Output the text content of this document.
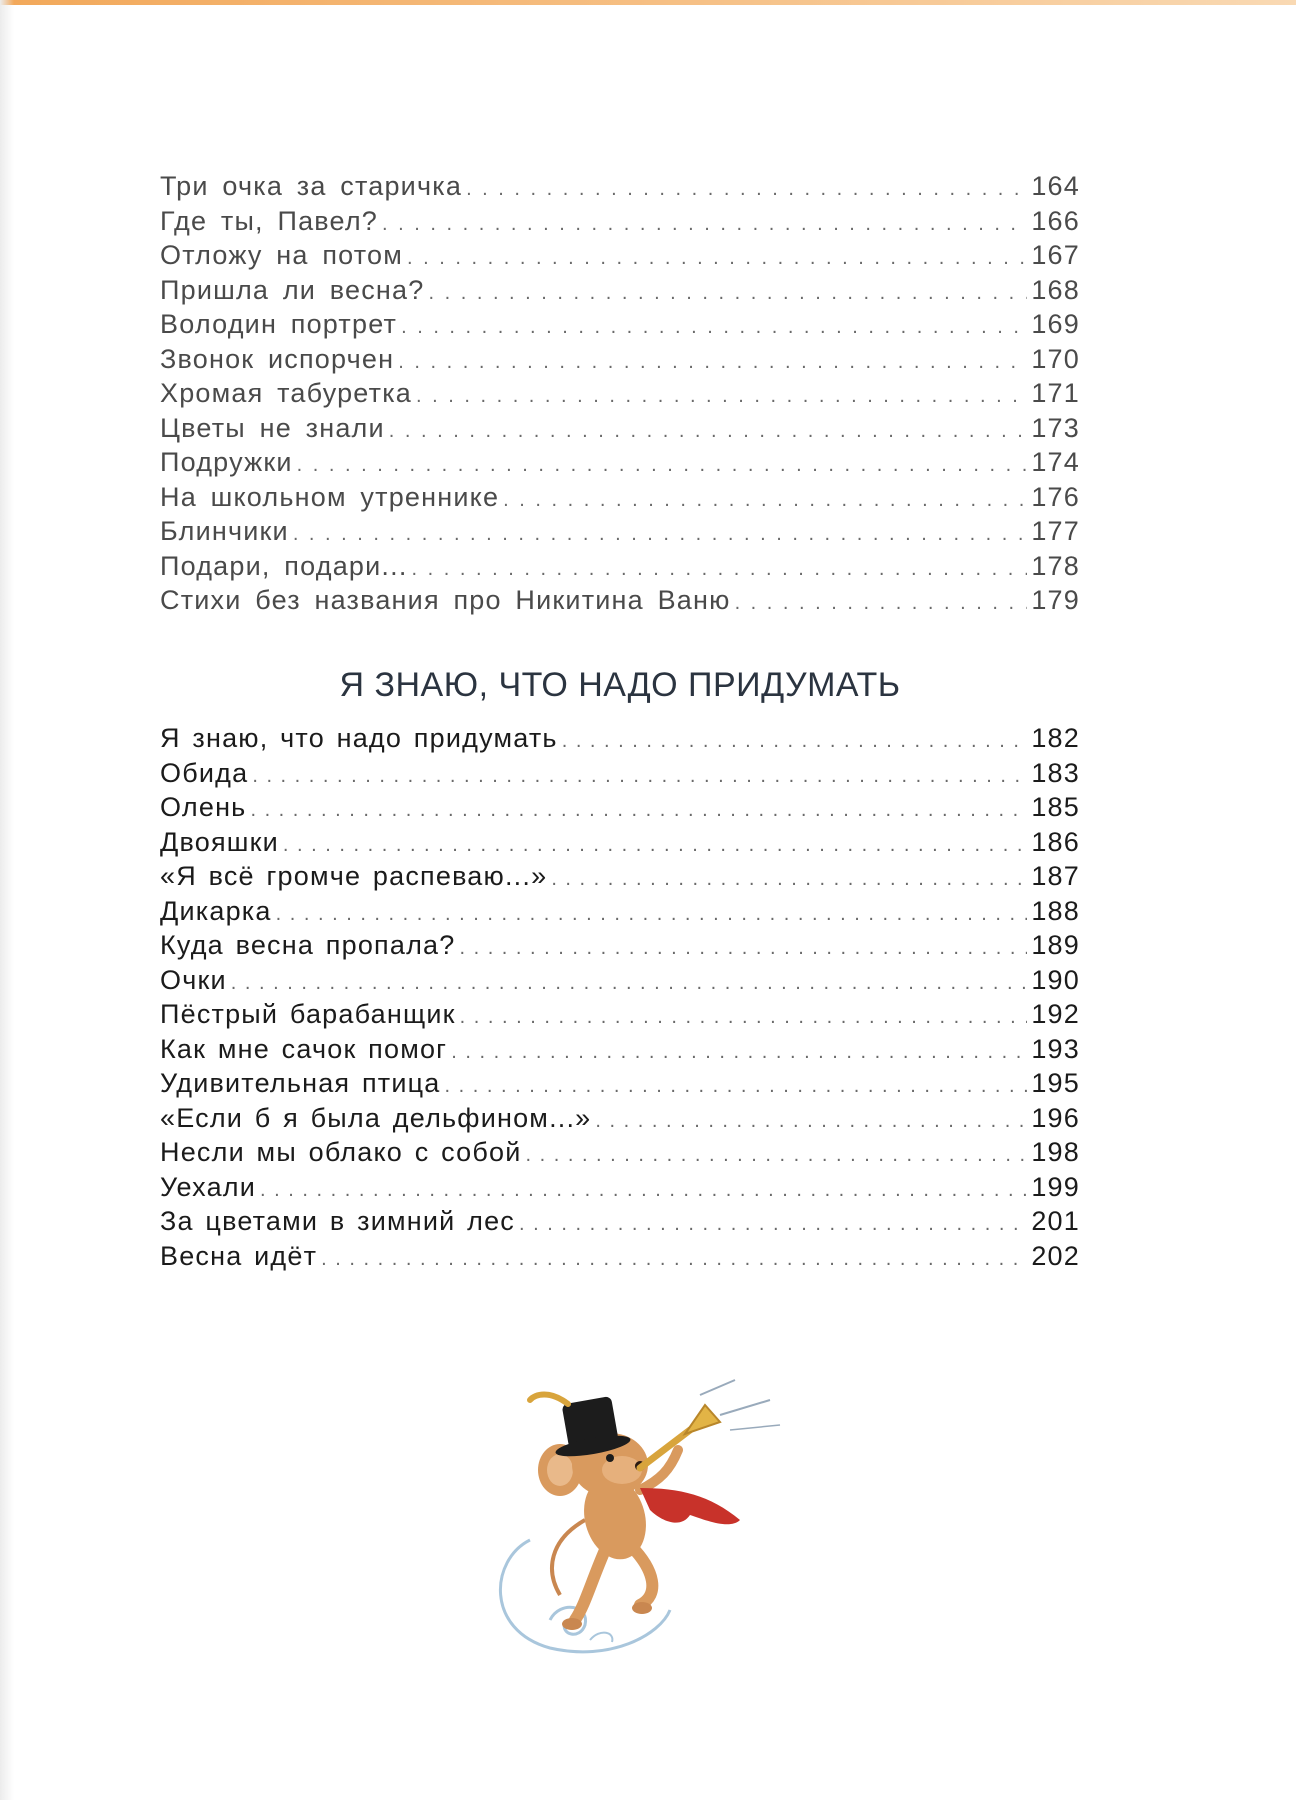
Три очка за старичка . . .	164
Где ты, Павел? . . .	166
Отложу на потом . . .	167
Пришла ли весна? . . .	168
Володин портрет . . .	169
Звонок испорчен . . .	170
Хромая табуретка . . .	171
Цветы не знали . . .	173
Подружки . . .	174
На школьном утреннике . . .	176
Блинчики . . .	177
Подари, подари... . . .	178
Стихи без названия про Никитина Ваню . . .	179
Я ЗНАЮ, ЧТО НАДО ПРИДУМАТЬ
Я знаю, что надо придумать . . .	182
Обида . . .	183
Олень . . .	185
Двояшки . . .	186
«Я всё громче распеваю...» . . .	187
Дикарка . . .	188
Куда весна пропала? . . .	189
Очки . . .	190
Пёстрый барабанщик . . .	192
Как мне сачок помог . . .	193
Удивительная птица . . .	195
«Если б я была дельфином...» . . .	196
Несли мы облако с собой . . .	198
Уехали . . .	199
За цветами в зимний лес . . .	201
Весна идёт . . .	202
